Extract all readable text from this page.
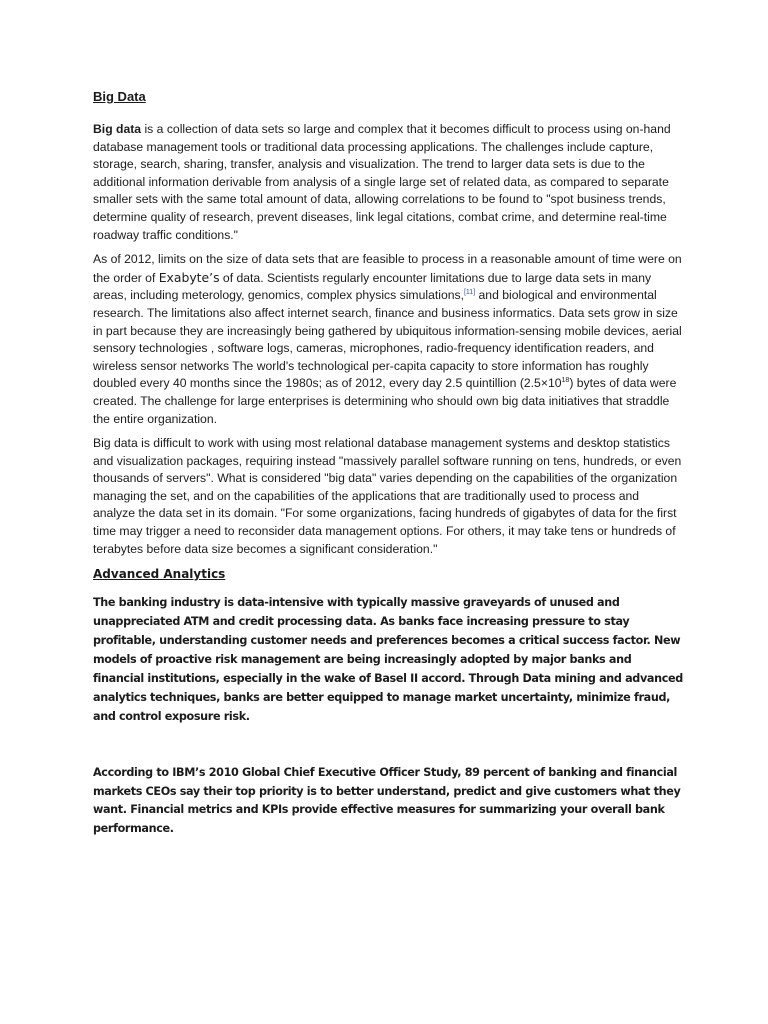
Big Data

Big data is a collection of data sets so large and complex that it becomes difficult to process using on-hand database management tools or traditional data processing applications. The challenges include capture, storage, search, sharing, transfer, analysis and visualization. The trend to larger data sets is due to the additional information derivable from analysis of a single large set of related data, as compared to separate smaller sets with the same total amount of data, allowing correlations to be found to "spot business trends, determine quality of research, prevent diseases, link legal citations, combat crime, and determine real-time roadway traffic conditions."

As of 2012, limits on the size of data sets that are feasible to process in a reasonable amount of time were on the order of Exabyte’s of data. Scientists regularly encounter limitations due to large data sets in many areas, including meterology, genomics, complex physics simulations,[11] and biological and environmental research. The limitations also affect internet search, finance and business informatics. Data sets grow in size in part because they are increasingly being gathered by ubiquitous information-sensing mobile devices, aerial sensory technologies , software logs, cameras, microphones, radio-frequency identification readers, and wireless sensor networks The world's technological per-capita capacity to store information has roughly doubled every 40 months since the 1980s; as of 2012, every day 2.5 quintillion $(2.5\times 10^{18})$ bytes of data were created. The challenge for large enterprises is determining who should own big data initiatives that straddle the entire organization.

Big data is difficult to work with using most relational database management systems and desktop statistics and visualization packages, requiring instead "massively parallel software running on tens, hundreds, or even thousands of servers". What is considered "big data" varies depending on the capabilities of the organization managing the set, and on the capabilities of the applications that are traditionally used to process and analyze the data set in its domain. "For some organizations, facing hundreds of gigabytes of data for the first time may trigger a need to reconsider data management options. For others, it may take tens or hundreds of terabytes before data size becomes a significant consideration."

Advanced Analytics

The banking industry is data-intensive with typically massive graveyards of unused and unappreciated ATM and credit processing data. As banks face increasing pressure to stay profitable, understanding customer needs and preferences becomes a critical success factor. New models of proactive risk management are being increasingly adopted by major banks and financial institutions, especially in the wake of Basel II accord. Through Data mining and advanced analytics techniques, banks are better equipped to manage market uncertainty, minimize fraud, and control exposure risk.

According to IBM’s 2010 Global Chief Executive Officer Study, 89 percent of banking and financial markets CEOs say their top priority is to better understand, predict and give customers what they want. Financial metrics and KPIs provide effective measures for summarizing your overall bank performance.
